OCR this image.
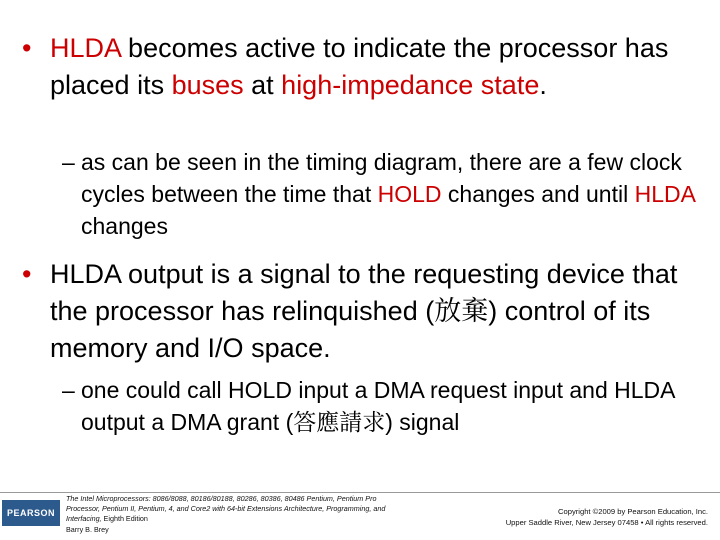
• HLDA becomes active to indicate the processor has placed its buses at high-impedance state.
– as can be seen in the timing diagram, there are a few clock cycles between the time that HOLD changes and until HLDA changes
• HLDA output is a signal to the requesting device that the processor has relinquished (放棄) control of its memory and I/O space.
– one could call HOLD input a DMA request input and HLDA output a DMA grant (答應請求) signal
PEARSON
The Intel Microprocessors: 8086/8088, 80186/80188, 80286, 80386, 80486 Pentium, Pentium Pro Processor, Pentium II, Pentium, 4, and Core2 with 64-bit Extensions Architecture, Programming, and Interfacing, Eighth Edition
Barry B. Brey
Copyright ©2009 by Pearson Education, Inc.
Upper Saddle River, New Jersey 07458 • All rights reserved.
